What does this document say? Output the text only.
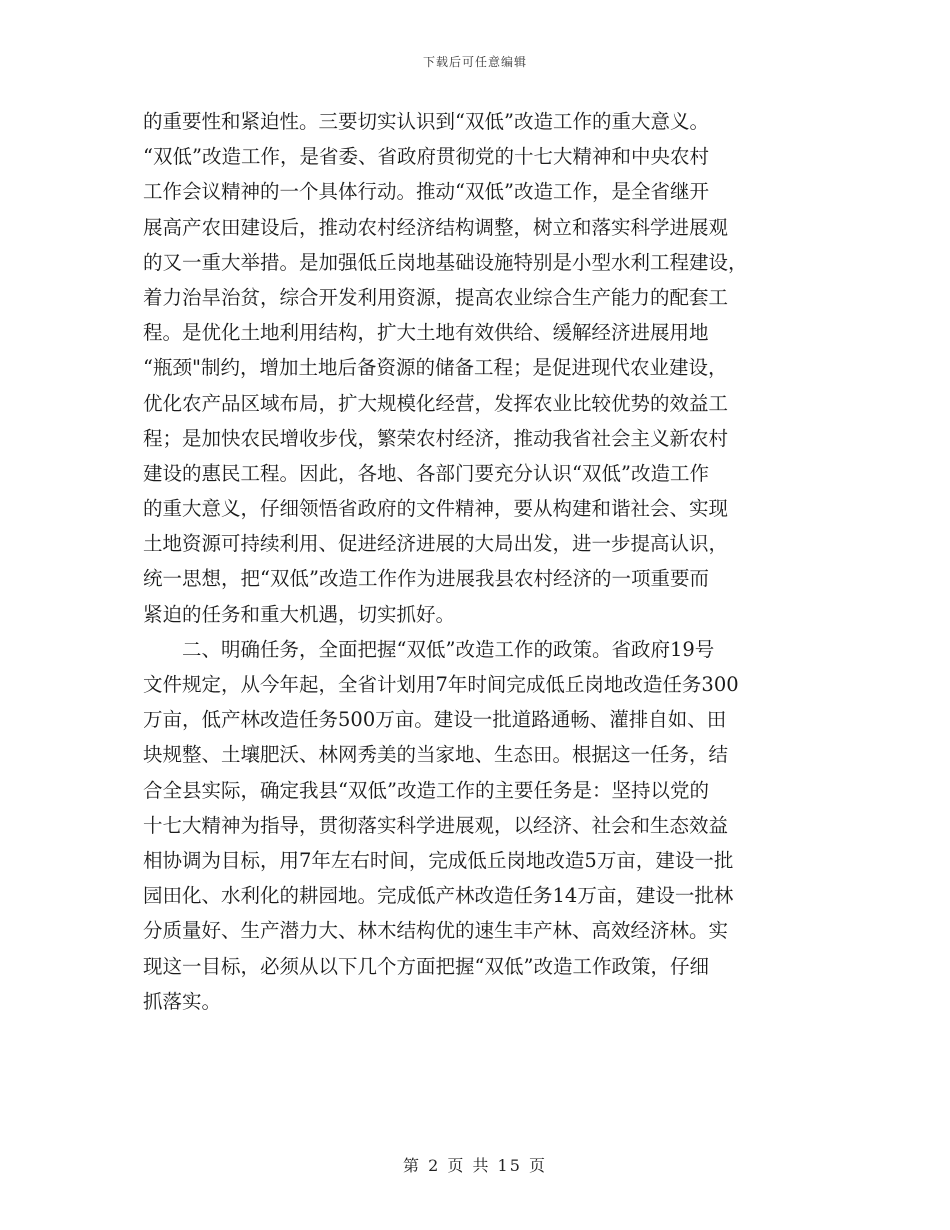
下载后可任意编辑
的重要性和紧迫性。三要切实认识到“双低”改造工作的重大意义。
“双低”改造工作，是省委、省政府贯彻党的十七大精神和中央农村
工作会议精神的一个具体行动。推动“双低”改造工作，是全省继开
展高产农田建设后，推动农村经济结构调整，树立和落实科学进展观
的又一重大举措。是加强低丘岗地基础设施特别是小型水利工程建设，
着力治旱治贫，综合开发利用资源，提高农业综合生产能力的配套工
程。是优化土地利用结构，扩大土地有效供给、缓解经济进展用地
“瓶颈"制约，增加土地后备资源的储备工程；是促进现代农业建设，
优化农产品区域布局，扩大规模化经营，发挥农业比较优势的效益工
程；是加快农民增收步伐，繁荣农村经济，推动我省社会主义新农村
建设的惠民工程。因此，各地、各部门要充分认识“双低”改造工作
的重大意义，仔细领悟省政府的文件精神，要从构建和谐社会、实现
土地资源可持续利用、促进经济进展的大局出发，进一步提高认识，
统一思想，把“双低”改造工作作为进展我县农村经济的一项重要而
紧迫的任务和重大机遇，切实抓好。
　　二、明确任务，全面把握“双低”改造工作的政策。省政府19号
文件规定，从今年起，全省计划用7年时间完成低丘岗地改造任务300
万亩，低产林改造任务500万亩。建设一批道路通畅、灌排自如、田
块规整、土壤肥沃、林网秀美的当家地、生态田。根据这一任务，结
合全县实际，确定我县“双低”改造工作的主要任务是：坚持以党的
十七大精神为指导，贯彻落实科学进展观，以经济、社会和生态效益
相协调为目标，用7年左右时间，完成低丘岗地改造5万亩，建设一批
园田化、水利化的耕园地。完成低产林改造任务14万亩，建设一批林
分质量好、生产潜力大、林木结构优的速生丰产林、高效经济林。实
现这一目标，必须从以下几个方面把握“双低”改造工作政策，仔细
抓落实。
第 2 页 共 15 页
